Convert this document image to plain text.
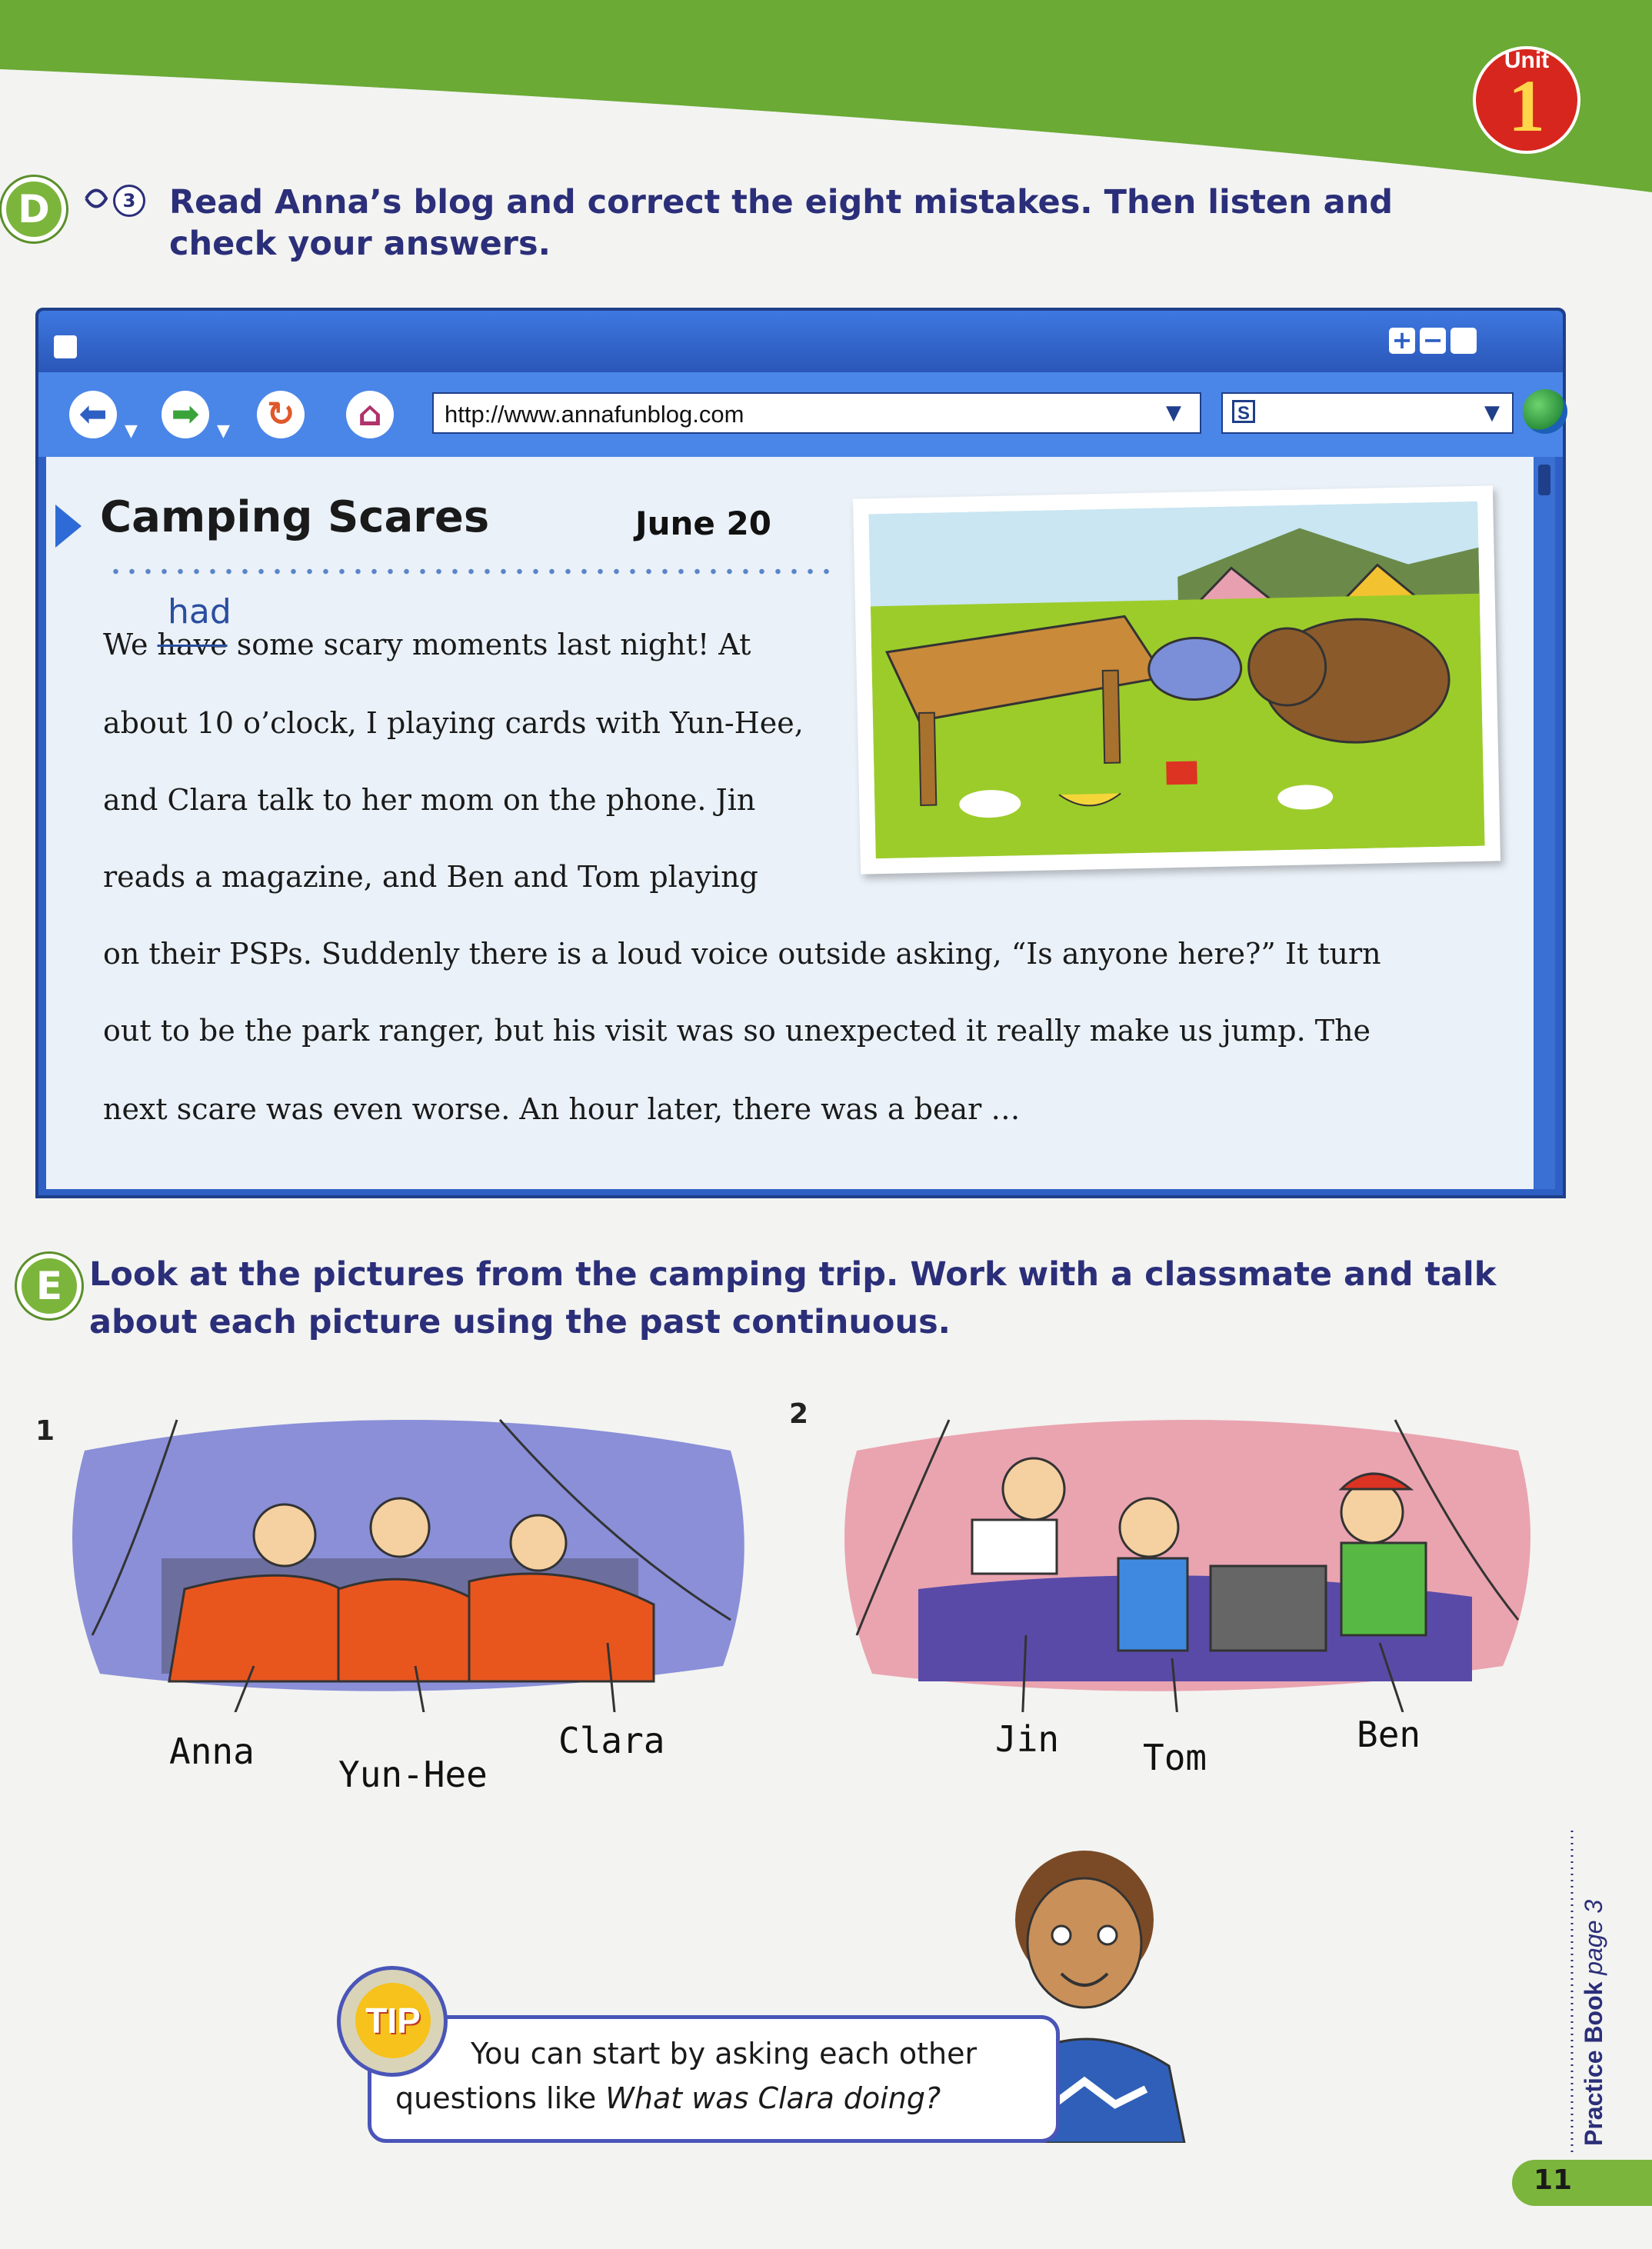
Unit
1
D	3 Read Anna’s blog and correct the eight mistakes. Then listen and
check your answers.
+ −
⬅	▼ ➡	▼ ↻	⌂	http://www.annafunblog.com	▼	S	▼
Camping Scares	June 20
had
We have some scary moments last night! At
about 10 o’clock, I playing cards with Yun-Hee,
and Clara talk to her mom on the phone. Jin
reads a magazine, and Ben and Tom playing
on their PSPs. Suddenly there is a loud voice outside asking, “Is anyone here?” It turn
out to be the park ranger, but his visit was so unexpected it really make us jump. The
next scare was even worse. An hour later, there was a bear …
E Look at the pictures from the camping trip. Work with a classmate and talk
about each picture using the past continuous.
1
Anna
Yun-Hee
Clara
2
Jin Tom
Ben
TIP
You can start by asking each other
questions like What was Clara doing?	Practice Book page 3
11
